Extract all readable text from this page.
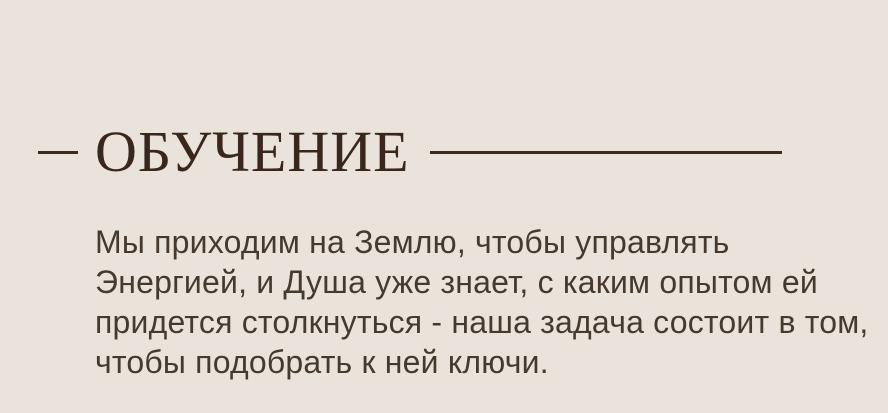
ОБУЧЕНИЕ
Мы приходим на Землю, чтобы управлять
Энергией, и Душа уже знает, с каким опытом ей
придется столкнуться - наша задача состоит в том,
чтобы подобрать к ней ключи.
